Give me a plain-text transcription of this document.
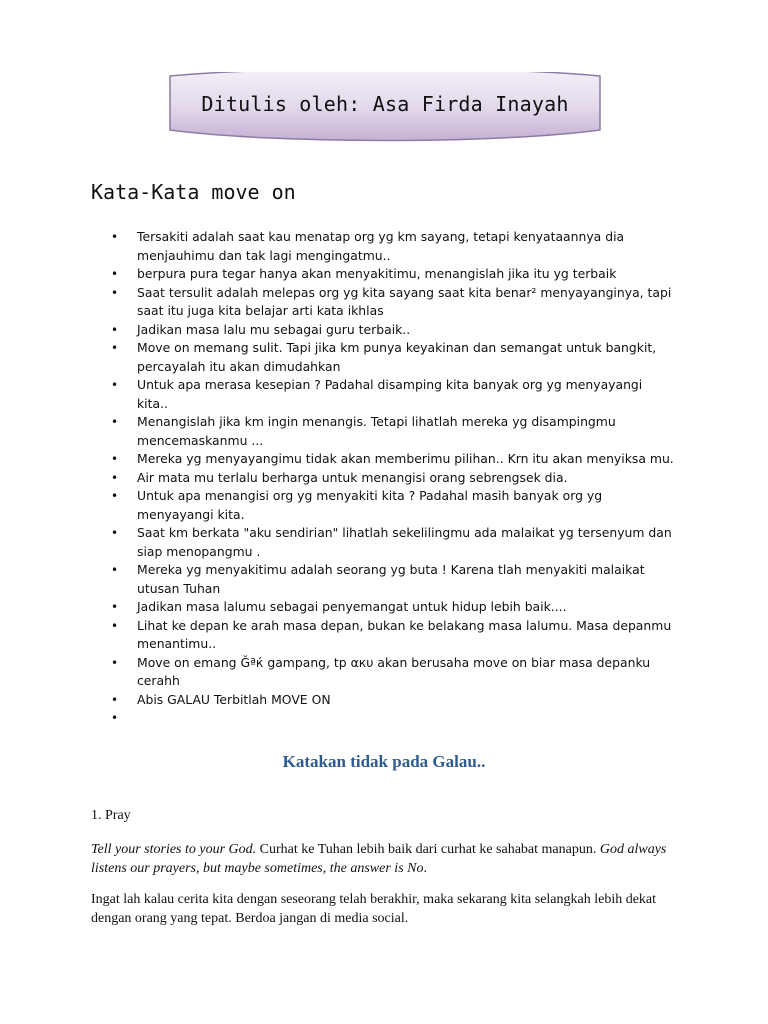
Ditulis oleh: Asa Firda Inayah
Kata-Kata move on
• Tersakiti adalah saat kau menatap org yg km sayang, tetapi kenyataannya dia menjauhimu dan tak lagi mengingatmu..
• berpura pura tegar hanya akan menyakitimu, menangislah jika itu yg terbaik
• Saat tersulit adalah melepas org yg kita sayang saat kita benar² menyayanginya, tapi saat itu juga kita belajar arti kata ikhlas
• Jadikan masa lalu mu sebagai guru terbaik..
• Move on memang sulit. Tapi jika km punya keyakinan dan semangat untuk bangkit, percayalah itu akan dimudahkan
• Untuk apa merasa kesepian ? Padahal disamping kita banyak org yg menyayangi kita..
• Menangislah jika km ingin menangis. Tetapi lihatlah mereka yg disampingmu mencemaskanmu ...
• Mereka yg menyayangimu tidak akan memberimu pilihan.. Krn itu akan menyiksa mu.
• Air mata mu terlalu berharga untuk menangisi orang sebrengsek dia.
• Untuk apa menangisi org yg menyakiti kita ? Padahal masih banyak org yg menyayangi kita.
• Saat km berkata "aku sendirian" lihatlah sekelilingmu ada malaikat yg tersenyum dan siap menopangmu .
• Mereka yg menyakitimu adalah seorang yg buta ! Karena tlah menyakiti malaikat utusan Tuhan
• Jadikan masa lalumu sebagai penyemangat untuk hidup lebih baik....
• Lihat ke depan ke arah masa depan, bukan ke belakang masa lalumu. Masa depanmu menantimu..
• Move on emang Ğªќ gampang, tp αкυ akan berusaha move on biar masa depanku cerahh
• Abis GALAU Terbitlah MOVE ON
•
Katakan tidak pada Galau..

1. Pray

Tell your stories to your God. Curhat ke Tuhan lebih baik dari curhat ke sahabat manapun. God always listens our prayers, but maybe sometimes, the answer is No.

Ingat lah kalau cerita kita dengan seseorang telah berakhir, maka sekarang kita selangkah lebih dekat dengan orang yang tepat. Berdoa jangan di media social.
